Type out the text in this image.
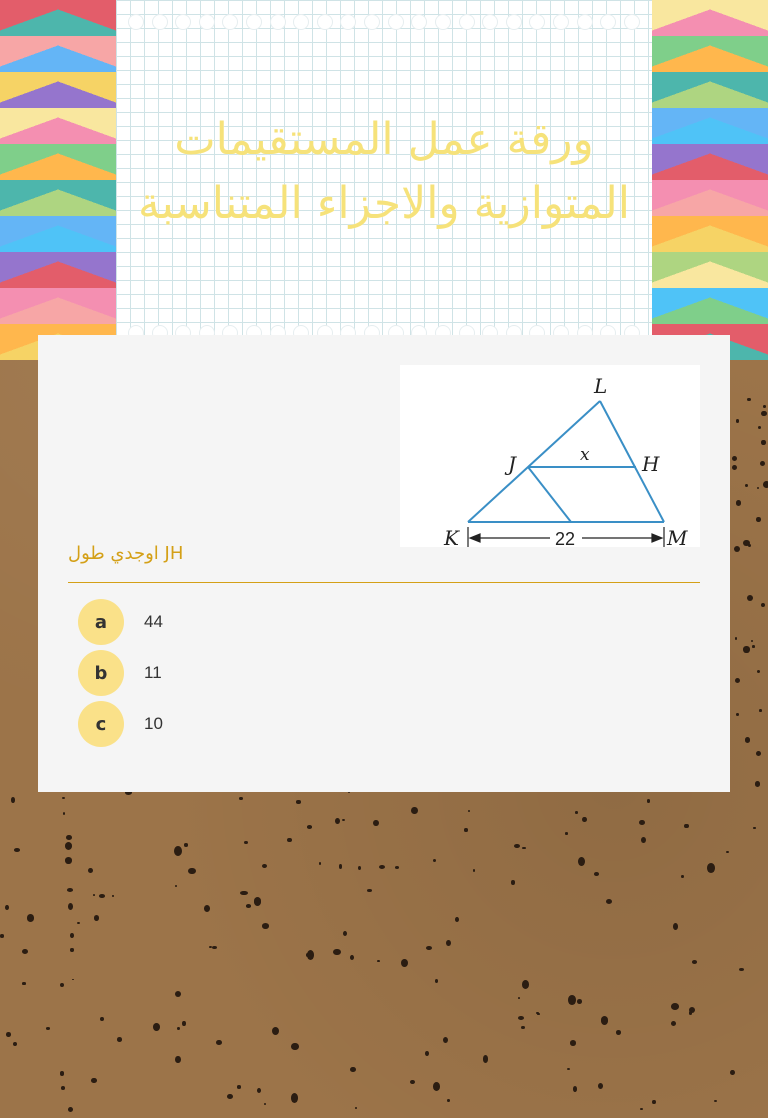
ورقة عمل المستقيمات
المتوازية والاجزاء المتناسبة
L
J	H
x
K	M
22
اوجدي طول JH
a	44
b	11
c	10
